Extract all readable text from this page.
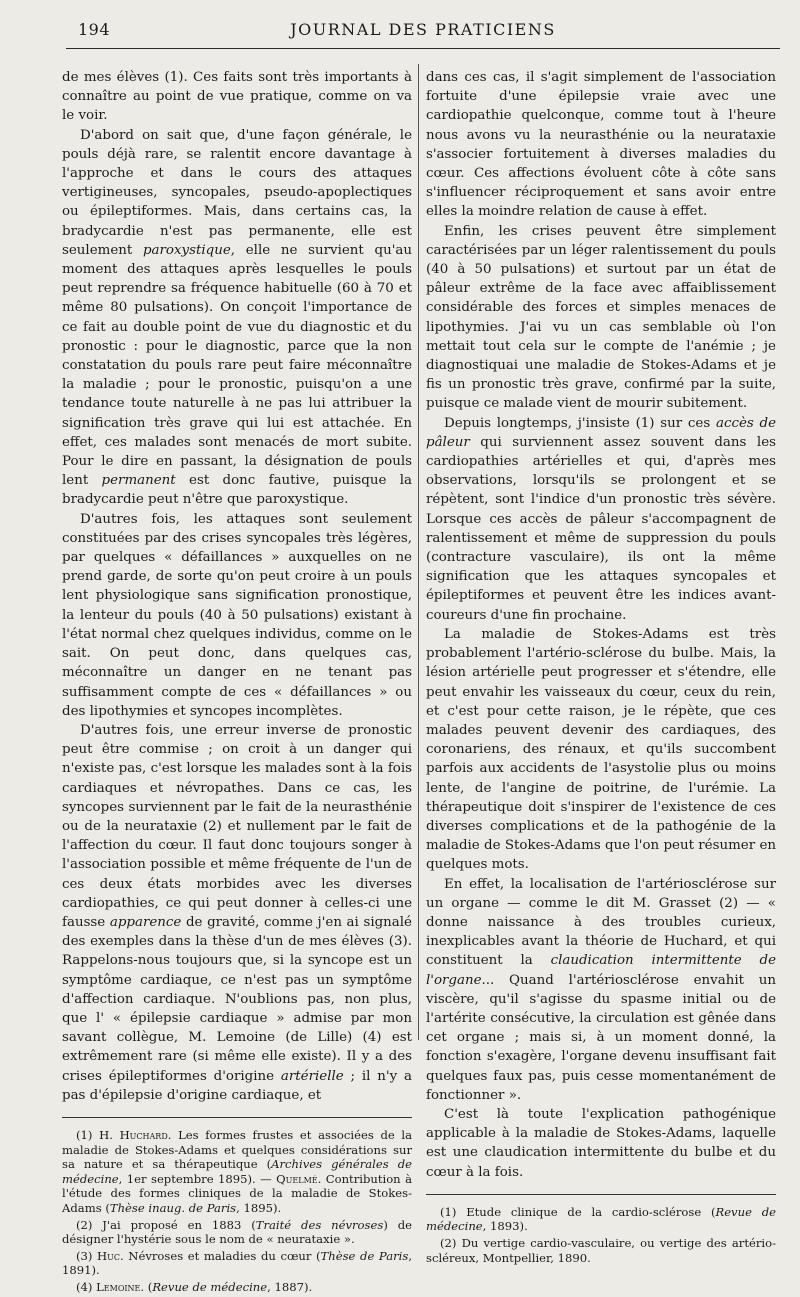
194	JOURNAL DES PRATICIENS

de mes élèves (1). Ces faits sont très importants à connaître au point de vue pratique, comme on va le voir.

D'abord on sait que, d'une façon générale, le pouls déjà rare, se ralentit encore davantage à l'approche et dans le cours des attaques vertigineuses, syncopales, pseudo-apoplectiques ou épileptiformes. Mais, dans certains cas, la bradycardie n'est pas permanente, elle est seulement paroxystique, elle ne survient qu'au moment des attaques après lesquelles le pouls peut reprendre sa fréquence habituelle (60 à 70 et même 80 pulsations). On conçoit l'importance de ce fait au double point de vue du diagnostic et du pronostic : pour le diagnostic, parce que la non constatation du pouls rare peut faire méconnaître la maladie ; pour le pronostic, puisqu'on a une tendance toute naturelle à ne pas lui attribuer la signification très grave qui lui est attachée. En effet, ces malades sont menacés de mort subite. Pour le dire en passant, la désignation de pouls lent permanent est donc fautive, puisque la bradycardie peut n'être que paroxystique.

D'autres fois, les attaques sont seulement constituées par des crises syncopales très légères, par quelques « défaillances » auxquelles on ne prend garde, de sorte qu'on peut croire à un pouls lent physiologique sans signification pronostique, la lenteur du pouls (40 à 50 pulsations) existant à l'état normal chez quelques individus, comme on le sait. On peut donc, dans quelques cas, méconnaître un danger en ne tenant pas suffisamment compte de ces « défaillances » ou des lipothymies et syncopes incomplètes.

D'autres fois, une erreur inverse de pronostic peut être commise ; on croit à un danger qui n'existe pas, c'est lorsque les malades sont à la fois cardiaques et névropathes. Dans ce cas, les syncopes surviennent par le fait de la neurasthénie ou de la neurataxie (2) et nullement par le fait de l'affection du cœur. Il faut donc toujours songer à l'association possible et même fréquente de l'un de ces deux états morbides avec les diverses cardiopathies, ce qui peut donner à celles-ci une fausse apparence de gravité, comme j'en ai signalé des exemples dans la thèse d'un de mes élèves (3). Rappelons-nous toujours que, si la syncope est un symptôme cardiaque, ce n'est pas un symptôme d'affection cardiaque. N'oublions pas, non plus, que l' « épilepsie cardiaque » admise par mon savant collègue, M. Lemoine (de Lille) (4) est extrêmement rare (si même elle existe). Il y a des crises épileptiformes d'origine artérielle ; il n'y a pas d'épilepsie d'origine cardiaque, et

(1) H. Huchard. Les formes frustes et associées de la maladie de Stokes-Adams et quelques considérations sur sa nature et sa thérapeutique (Archives générales de médecine, 1er septembre 1895). — Quelmé. Contribution à l'étude des formes cliniques de la maladie de Stokes-Adams (Thèse inaug. de Paris, 1895).

(2) J'ai proposé en 1883 (Traité des névroses) de désigner l'hystérie sous le nom de « neurataxie ».

(3) Huc. Névroses et maladies du cœur (Thèse de Paris, 1891).

(4) Lemoine. (Revue de médecine, 1887).

dans ces cas, il s'agit simplement de l'association fortuite d'une épilepsie vraie avec une cardiopathie quelconque, comme tout à l'heure nous avons vu la neurasthénie ou la neurataxie s'associer fortuitement à diverses maladies du cœur. Ces affections évoluent côte à côte sans s'influencer réciproquement et sans avoir entre elles la moindre relation de cause à effet.

Enfin, les crises peuvent être simplement caractérisées par un léger ralentissement du pouls (40 à 50 pulsations) et surtout par un état de pâleur extrême de la face avec affaiblissement considérable des forces et simples menaces de lipothymies. J'ai vu un cas semblable où l'on mettait tout cela sur le compte de l'anémie ; je diagnostiquai une maladie de Stokes-Adams et je fis un pronostic très grave, confirmé par la suite, puisque ce malade vient de mourir subitement.

Depuis longtemps, j'insiste (1) sur ces accès de pâleur qui surviennent assez souvent dans les cardiopathies artérielles et qui, d'après mes observations, lorsqu'ils se prolongent et se répètent, sont l'indice d'un pronostic très sévère. Lorsque ces accès de pâleur s'accompagnent de ralentissement et même de suppression du pouls (contracture vasculaire), ils ont la même signification que les attaques syncopales et épileptiformes et peuvent être les indices avant-coureurs d'une fin prochaine.

La maladie de Stokes-Adams est très probablement l'artério-sclérose du bulbe. Mais, la lésion artérielle peut progresser et s'étendre, elle peut envahir les vaisseaux du cœur, ceux du rein, et c'est pour cette raison, je le répète, que ces malades peuvent devenir des cardiaques, des coronariens, des rénaux, et qu'ils succombent parfois aux accidents de l'asystolie plus ou moins lente, de l'angine de poitrine, de l'urémie. La thérapeutique doit s'inspirer de l'existence de ces diverses complications et de la pathogénie de la maladie de Stokes-Adams que l'on peut résumer en quelques mots.

En effet, la localisation de l'artériosclérose sur un organe — comme le dit M. Grasset (2) — « donne naissance à des troubles curieux, inexplicables avant la théorie de Huchard, et qui constituent la claudication intermittente de l'organe... Quand l'artériosclérose envahit un viscère, qu'il s'agisse du spasme initial ou de l'artérite consécutive, la circulation est gênée dans cet organe ; mais si, à un moment donné, la fonction s'exagère, l'organe devenu insuffisant fait quelques faux pas, puis cesse momentanément de fonctionner ».

C'est là toute l'explication pathogénique applicable à la maladie de Stokes-Adams, laquelle est une claudication intermittente du bulbe et du cœur à la fois.

(1) Etude clinique de la cardio-sclérose (Revue de médecine, 1893).

(2) Du vertige cardio-vasculaire, ou vertige des artério-scléreux, Montpellier, 1890.
